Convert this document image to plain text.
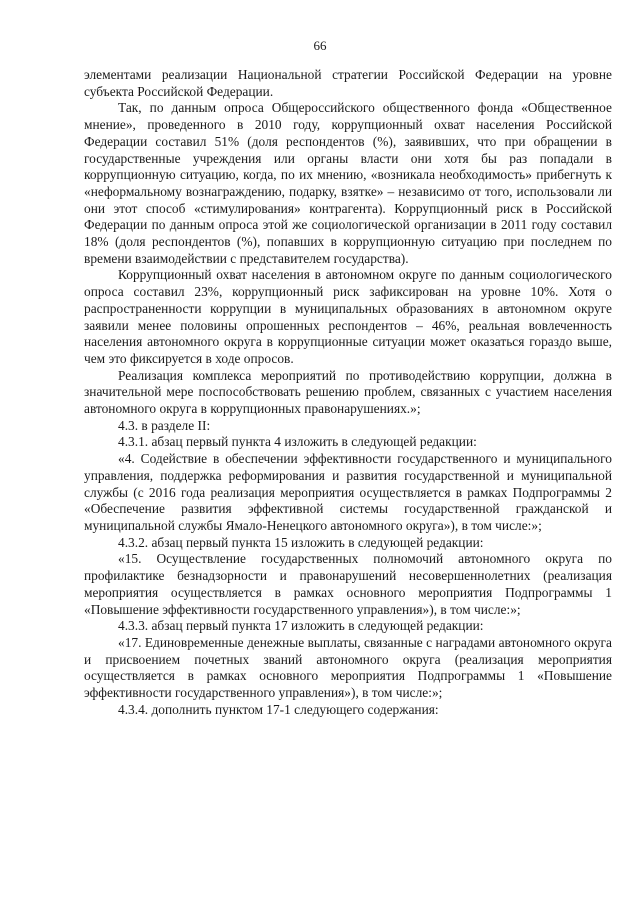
66

элементами реализации Национальной стратегии Российской Федерации на уровне субъекта Российской Федерации.

Так, по данным опроса Общероссийского общественного фонда «Общественное мнение», проведенного в 2010 году, коррупционный охват населения Российской Федерации составил 51% (доля респондентов (%), заявивших, что при обращении в государственные учреждения или органы власти они хотя бы раз попадали в коррупционную ситуацию, когда, по их мнению, «возникала необходимость» прибегнуть к «неформальному вознаграждению, подарку, взятке» – независимо от того, использовали ли они этот способ «стимулирования» контрагента). Коррупционный риск в Российской Федерации по данным опроса этой же социологической организации в 2011 году составил 18% (доля респондентов (%), попавших в коррупционную ситуацию при последнем по времени взаимодействии с представителем государства).

Коррупционный охват населения в автономном округе по данным социологического опроса составил 23%, коррупционный риск зафиксирован на уровне 10%. Хотя о распространенности коррупции в муниципальных образованиях в автономном округе заявили менее половины опрошенных респондентов – 46%, реальная вовлеченность населения автономного округа в коррупционные ситуации может оказаться гораздо выше, чем это фиксируется в ходе опросов.

Реализация комплекса мероприятий по противодействию коррупции, должна в значительной мере поспособствовать решению проблем, связанных с участием населения автономного округа в коррупционных правонарушениях.»;

4.3. в разделе II:

4.3.1. абзац первый пункта 4 изложить в следующей редакции:

«4. Содействие в обеспечении эффективности государственного и муниципального управления, поддержка реформирования и развития государственной и муниципальной службы (с 2016 года реализация мероприятия осуществляется в рамках Подпрограммы 2 «Обеспечение развития эффективной системы государственной гражданской и муниципальной службы Ямало-Ненецкого автономного округа»), в том числе:»;

4.3.2. абзац первый пункта 15 изложить в следующей редакции:

«15. Осуществление государственных полномочий автономного округа по профилактике безнадзорности и правонарушений несовершеннолетних (реализация мероприятия осуществляется в рамках основного мероприятия Подпрограммы 1 «Повышение эффективности государственного управления»), в том числе:»;

4.3.3. абзац первый пункта 17 изложить в следующей редакции:

«17. Единовременные денежные выплаты, связанные с наградами автономного округа и присвоением почетных званий автономного округа (реализация мероприятия осуществляется в рамках основного мероприятия Подпрограммы 1 «Повышение эффективности государственного управления»), в том числе:»;

4.3.4. дополнить пунктом 17-1 следующего содержания:
